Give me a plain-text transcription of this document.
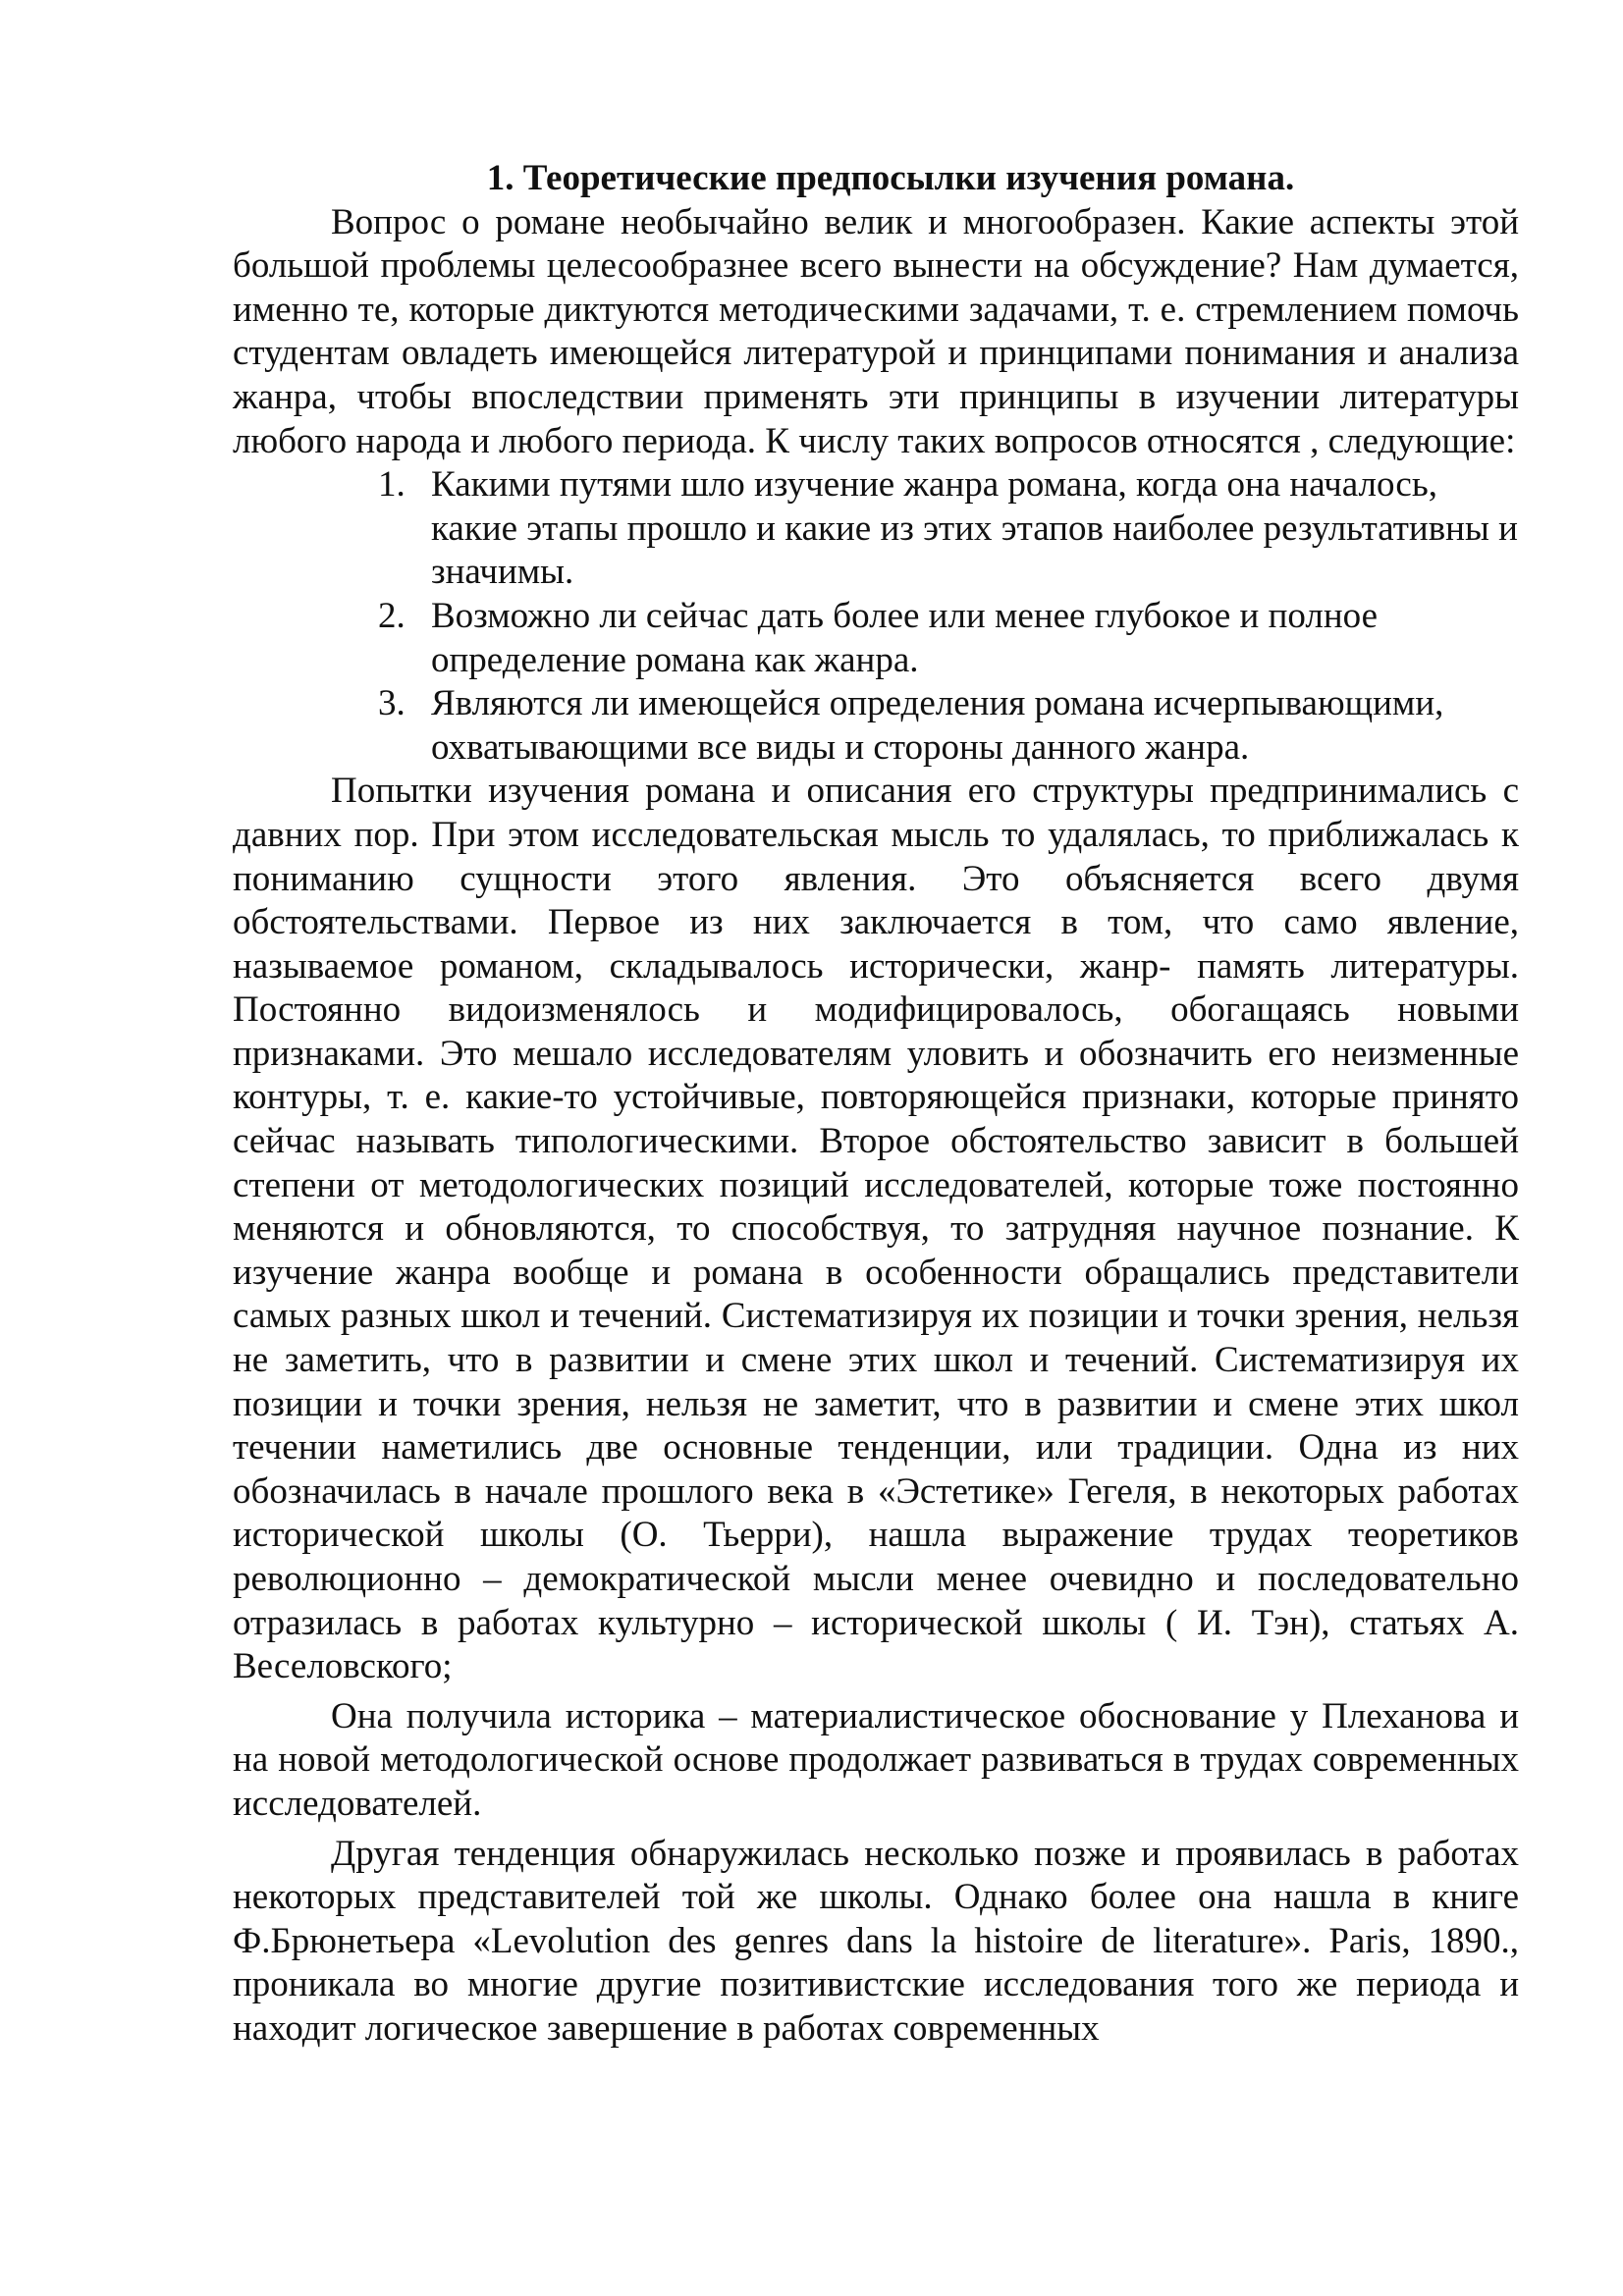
1. Теоретические предпосылки изучения романа.

Вопрос о романе необычайно велик и многообразен. Какие аспекты этой большой проблемы целесообразнее всего вынести на обсуждение? Нам думается, именно те, которые диктуются методическими задачами, т. е. стремлением помочь студентам овладеть имеющейся литературой и принципами понимания и анализа жанра, чтобы впоследствии применять эти принципы в изучении литературы любого народа и любого периода. К числу таких вопросов относятся , следующие:

1. Какими путями шло изучение жанра романа, когда она началось, какие этапы прошло и какие из этих этапов наиболее результативны и значимы.
2. Возможно ли сейчас дать более или менее глубокое и полное определение романа как жанра.
3. Являются ли имеющейся определения романа исчерпывающими, охватывающими все виды и стороны данного жанра.

Попытки изучения романа и описания его структуры предпринимались с давних пор. При этом исследовательская мысль то удалялась, то приближалась к пониманию сущности этого явления. Это объясняется всего двумя обстоятельствами. Первое из них заключается в том, что само явление, называемое романом, складывалось исторически, жанр- память литературы. Постоянно видоизменялось и модифицировалось, обогащаясь новыми признаками. Это мешало исследователям уловить и обозначить его неизменные контуры, т. е. какие-то устойчивые, повторяющейся признаки, которые принято сейчас называть типологическими. Второе обстоятельство зависит в большей степени от методологических позиций исследователей, которые тоже постоянно меняются и обновляются, то способствуя, то затрудняя научное познание. К изучение жанра вообще и романа в особенности обращались представители самых разных школ и течений. Систематизируя их позиции и точки зрения, нельзя не заметить, что в развитии и смене этих школ и течений. Систематизируя их позиции и точки зрения, нельзя не заметит, что в развитии и смене этих школ течении наметились две основные тенденции, или традиции. Одна из них обозначилась в начале прошлого века в «Эстетике» Гегеля, в некоторых работах исторической школы (О. Тьерри), нашла выражение трудах теоретиков революционно – демократической мысли менее очевидно и последовательно отразилась в работах культурно – исторической школы ( И. Тэн), статьях А. Веселовского;

Она получила историка – материалистическое обоснование у Плеханова и на новой методологической основе продолжает развиваться в трудах современных исследователей.

Другая тенденция обнаружилась несколько позже и проявилась в работах некоторых представителей той же школы. Однако более она нашла в книге Ф.Брюнетьера «Levolution des genres dans la histoire de literature». Paris, 1890., проникала во многие другие позитивистские исследования того же периода и находит логическое завершение в работах современных
